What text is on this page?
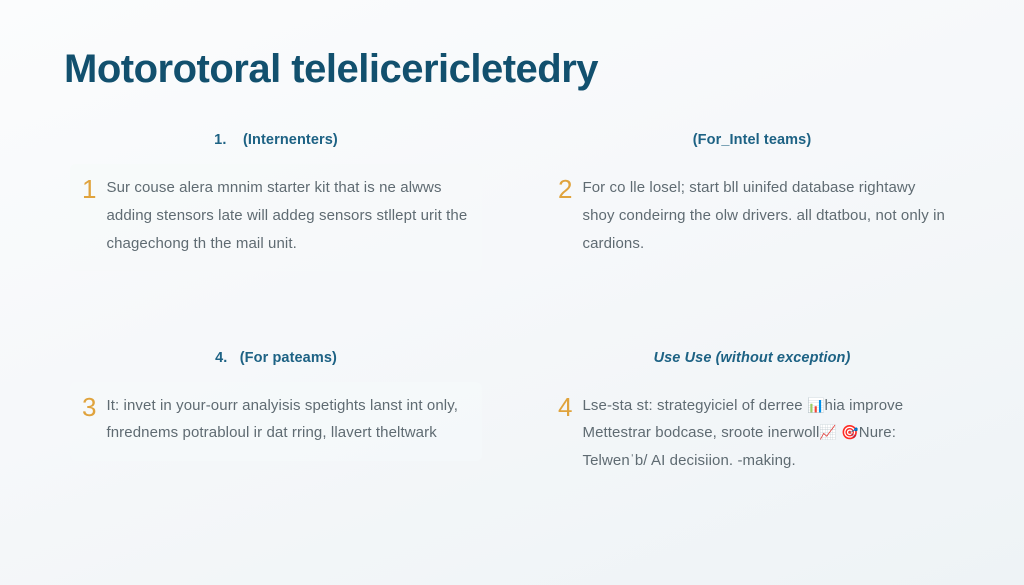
Motorotoral telelicericletedry
1. (Internenters)
1 Sur couse alera mnnim starter kit that is ne alwws adding stensors late will addeg sensors stllept urit the chagechong th the mail unit.
(For_Intel teams)
2 For co lle losel; start bll uinifed database rightawy shoy condeirng the olw drivers. all dtatbou, not only in cardions.
4. (For pateams)
3 It: invet in your-ourr analyisis spetights lanst int only, fnrednems potrabloul ir dat rring, llavert theltwark
Use Use (without exception)
4 Lse-sta st: strategyiciel of derree 📊hia improve Mettestrar bodcase, sroote inerwoll📈 🎯Nure: Telwenˈb/ AI decisiion. -making.
